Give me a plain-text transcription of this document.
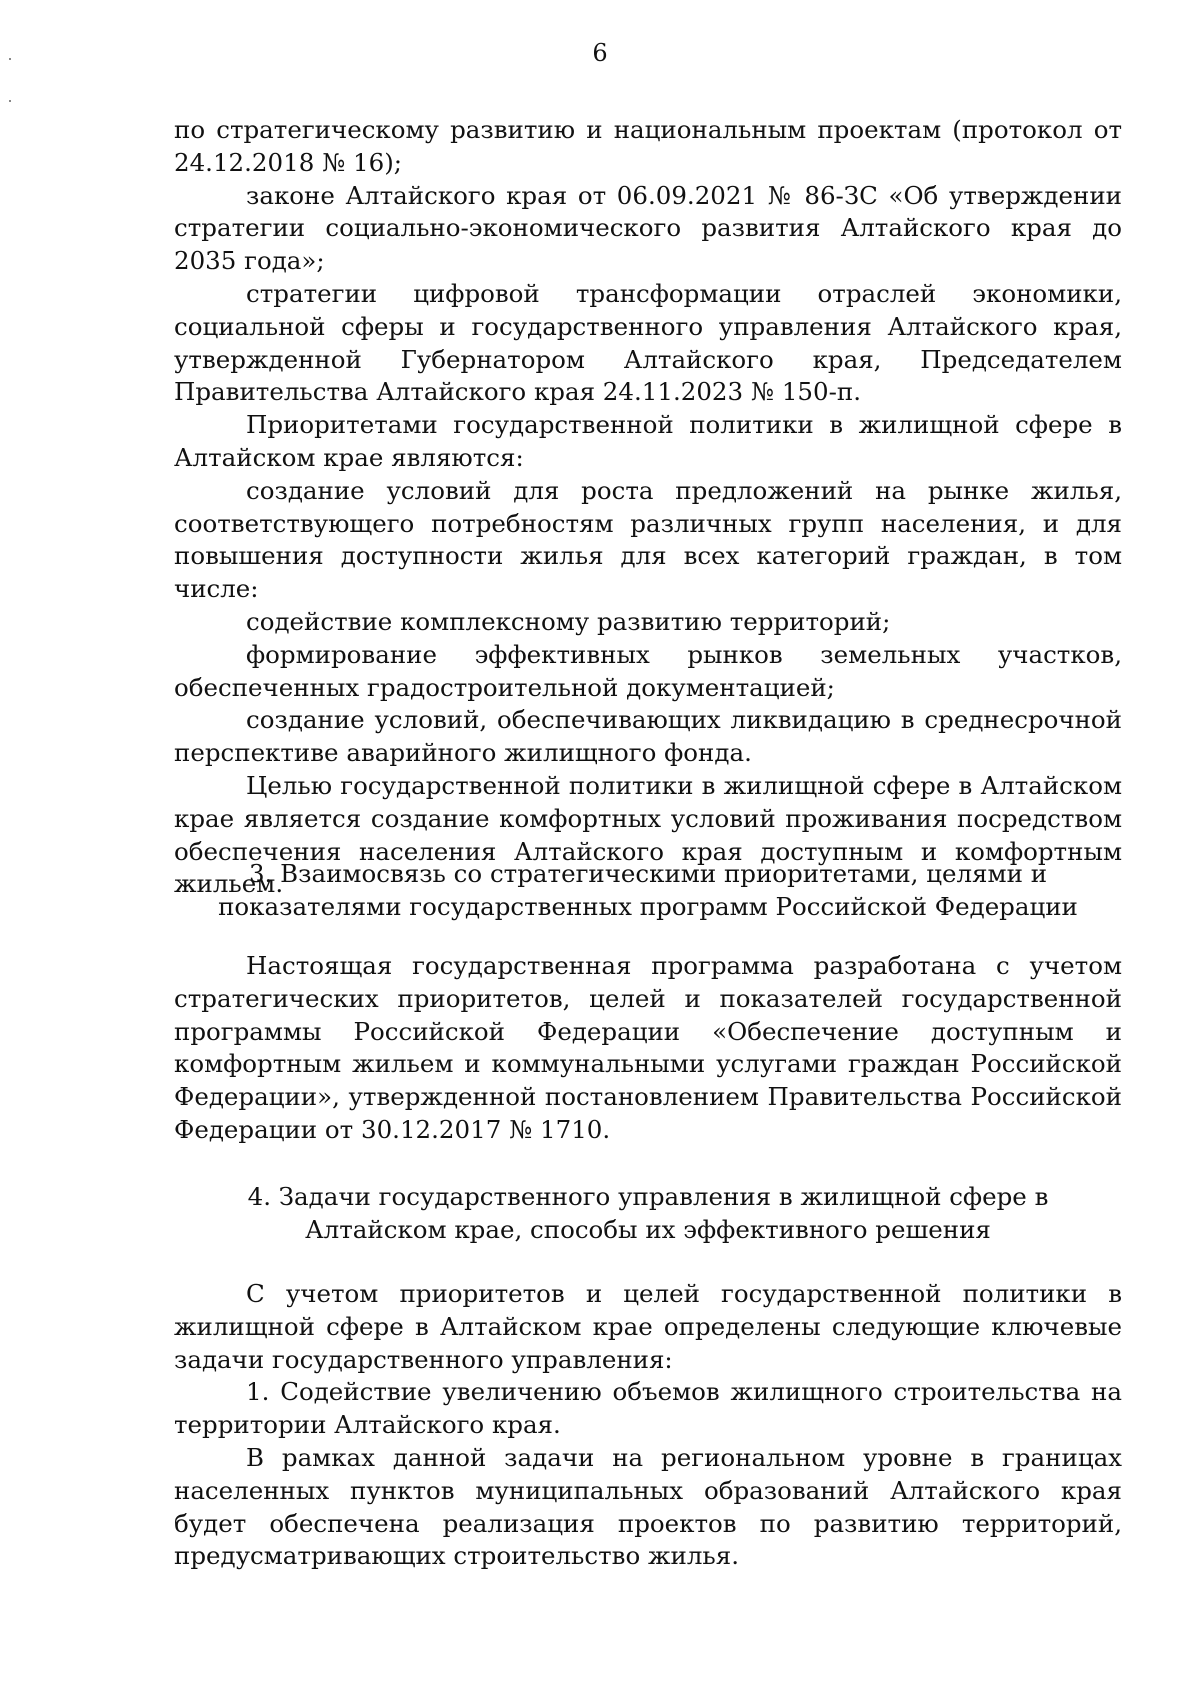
6

по стратегическому развитию и национальным проектам (протокол от 24.12.2018 № 16);

законе Алтайского края от 06.09.2021 № 86-ЗС «Об утверждении стратегии социально-экономического развития Алтайского края до 2035 года»;

стратегии цифровой трансформации отраслей экономики, социальной сферы и государственного управления Алтайского края, утвержденной Губернатором Алтайского края, Председателем Правительства Алтайского края 24.11.2023 № 150-п.

Приоритетами государственной политики в жилищной сфере в Алтайском крае являются:

создание условий для роста предложений на рынке жилья, соответствующего потребностям различных групп населения, и для повышения доступности жилья для всех категорий граждан, в том числе:

содействие комплексному развитию территорий;

формирование эффективных рынков земельных участков, обеспеченных градостроительной документацией;

создание условий, обеспечивающих ликвидацию в среднесрочной перспективе аварийного жилищного фонда.

Целью государственной политики в жилищной сфере в Алтайском крае является создание комфортных условий проживания посредством обеспечения населения Алтайского края доступным и комфортным жильем.

3. Взаимосвязь со стратегическими приоритетами, целями и
показателями государственных программ Российской Федерации

Настоящая государственная программа разработана с учетом стратегических приоритетов, целей и показателей государственной программы Российской Федерации «Обеспечение доступным и комфортным жильем и коммунальными услугами граждан Российской Федерации», утвержденной постановлением Правительства Российской Федерации от 30.12.2017 № 1710.

4. Задачи государственного управления в жилищной сфере в
Алтайском крае, способы их эффективного решения

С учетом приоритетов и целей государственной политики в жилищной сфере в Алтайском крае определены следующие ключевые задачи государственного управления:

1. Содействие увеличению объемов жилищного строительства на территории Алтайского края.

В рамках данной задачи на региональном уровне в границах населенных пунктов муниципальных образований Алтайского края будет обеспечена реализация проектов по развитию территорий, предусматривающих строительство жилья.
